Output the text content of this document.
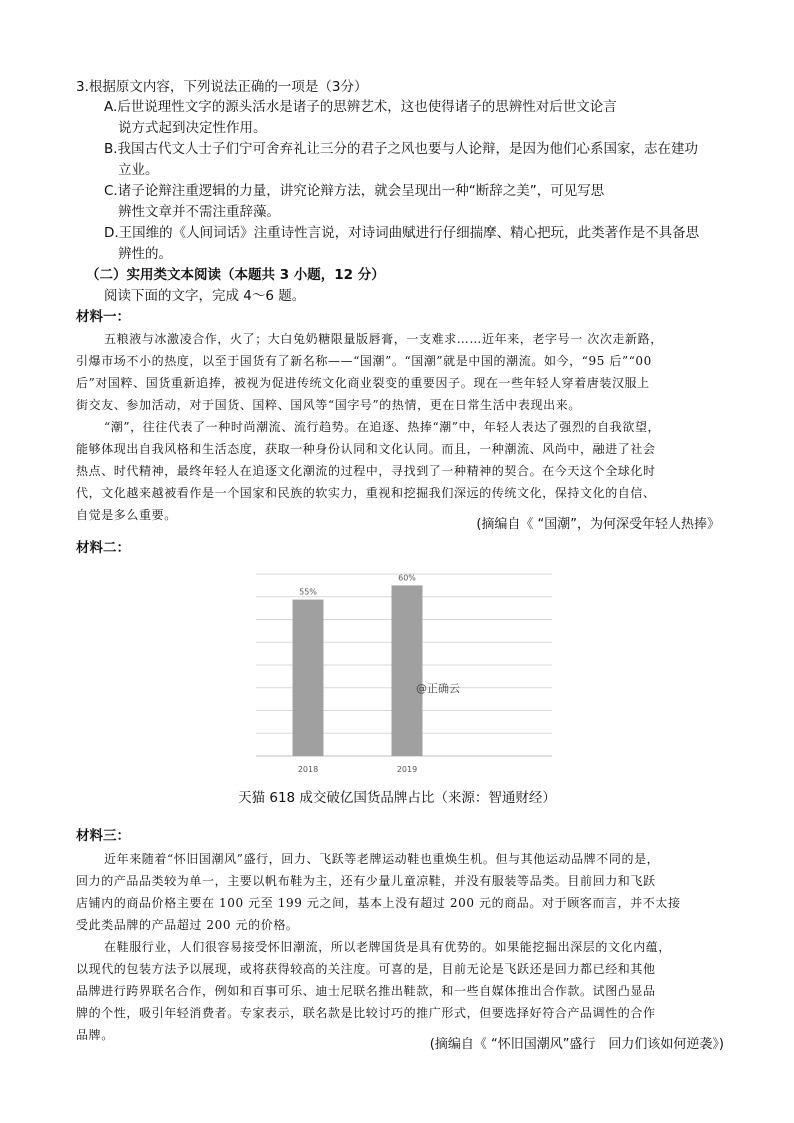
3.根据原文内容，下列说法正确的一项是（3分）
A.后世说理性文字的源头活水是诸子的思辨艺术，这也使得诸子的思辨性对后世文论言
说方式起到决定性作用。
B.我国古代文人士子们宁可舍弃礼让三分的君子之风也要与人论辩，是因为他们心系国家，志在建功
立业。
C.诸子论辩注重逻辑的力量，讲究论辩方法，就会呈现出一种“断辞之美”，可见写思
辨性文章并不需注重辞藻。
D.王国维的《人间词话》注重诗性言说，对诗词曲赋进行仔细揣摩、精心把玩，此类著作是不具备思
辨性的。
（二）实用类文本阅读（本题共 3 小题，12 分）
阅读下面的文字，完成 4～6 题。
材料一：
五粮液与冰激凌合作，火了；大白兔奶糖限量版唇膏，一支难求……近年来，老字号一 次次走新路，
引爆市场不小的热度，以至于国货有了新名称——“国潮”。“国潮”就是中国的潮流。如今，“95 后”“00
后”对国粹、国货重新追捧，被视为促进传统文化商业裂变的重要因子。现在一些年轻人穿着唐装汉服上
街交友、参加活动，对于国货、国粹、国风等“国字号”的热情，更在日常生活中表现出来。
“潮”，往往代表了一种时尚潮流、流行趋势。在追逐、热捧“潮”中，年轻人表达了强烈的自我欲望，
能够体现出自我风格和生活态度，获取一种身份认同和文化认同。而且，一种潮流、风尚中，融进了社会
热点、时代精神，最终年轻人在追逐文化潮流的过程中，寻找到了一种精神的契合。在今天这个全球化时
代，文化越来越被看作是一个国家和民族的软实力，重视和挖掘我们深远的传统文化，保持文化的自信、
自觉是多么重要。
(摘编自《 “国潮”，为何深受年轻人热捧》
材料二：
55%
2018
60%
2019
@正确云
天猫 618 成交破亿国货品牌占比（来源：智通财经）
材料三：
近年来随着“怀旧国潮风”盛行，回力、飞跃等老牌运动鞋也重焕生机。但与其他运动品牌不同的是，
回力的产品品类较为单一，主要以帆布鞋为主，还有少量儿童凉鞋，并没有服装等品类。目前回力和飞跃
店铺内的商品价格主要在 100 元至 199 元之间，基本上没有超过 200 元的商品。对于顾客而言，并不太接
受此类品牌的产品超过 200 元的价格。
在鞋服行业，人们很容易接受怀旧潮流，所以老牌国货是具有优势的。如果能挖掘出深层的文化内蕴，
以现代的包装方法予以展现，或将获得较高的关注度。可喜的是，目前无论是飞跃还是回力都已经和其他
品牌进行跨界联名合作，例如和百事可乐、迪士尼联名推出鞋款，和一些自媒体推出合作款。试图凸显品
牌的个性，吸引年轻消费者。专家表示，联名款是比较讨巧的推广形式，但要选择好符合产品调性的合作
品牌。
(摘编自《 “怀旧国潮风”盛行　回力们该如何逆袭》)
